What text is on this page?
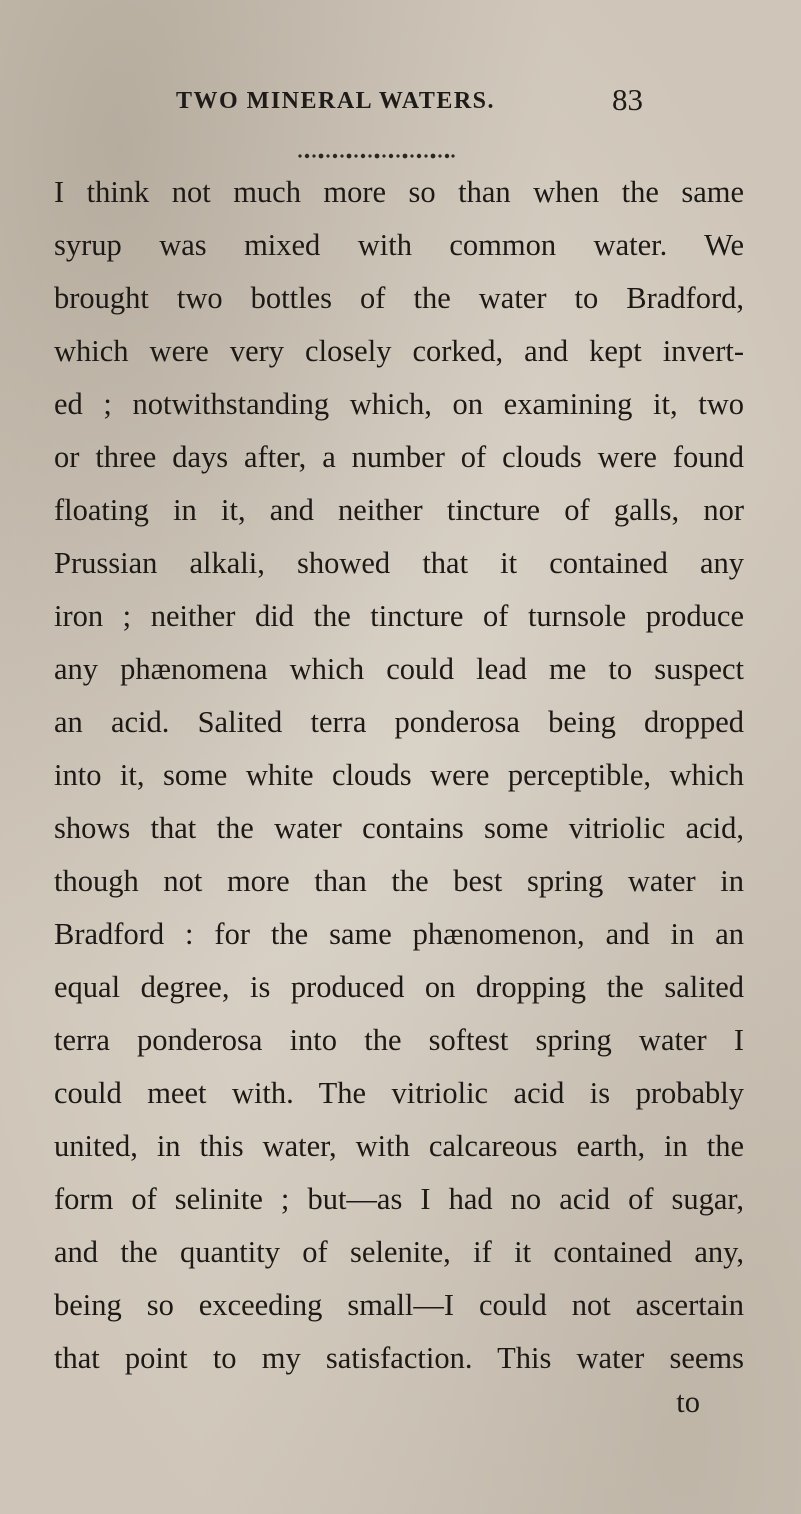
TWO MINERAL WATERS.	83
I think not much more so than when the same
syrup was mixed with common water. We
brought two bottles of the water to Bradford,
which were very closely corked, and kept invert-
ed ; notwithstanding which, on examining it, two
or three days after, a number of clouds were found
floating in it, and neither tincture of galls, nor
Prussian alkali, showed that it contained any
iron ; neither did the tincture of turnsole produce
any phænomena which could lead me to suspect
an acid. Salited terra ponderosa being dropped
into it, some white clouds were perceptible, which
shows that the water contains some vitriolic acid,
though not more than the best spring water in
Bradford : for the same phænomenon, and in an
equal degree, is produced on dropping the salited
terra ponderosa into the softest spring water I
could meet with. The vitriolic acid is probably
united, in this water, with calcareous earth, in the
form of selinite ; but—as I had no acid of sugar,
and the quantity of selenite, if it contained any,
being so exceeding small—I could not ascertain
that point to my satisfaction. This water seems
to
